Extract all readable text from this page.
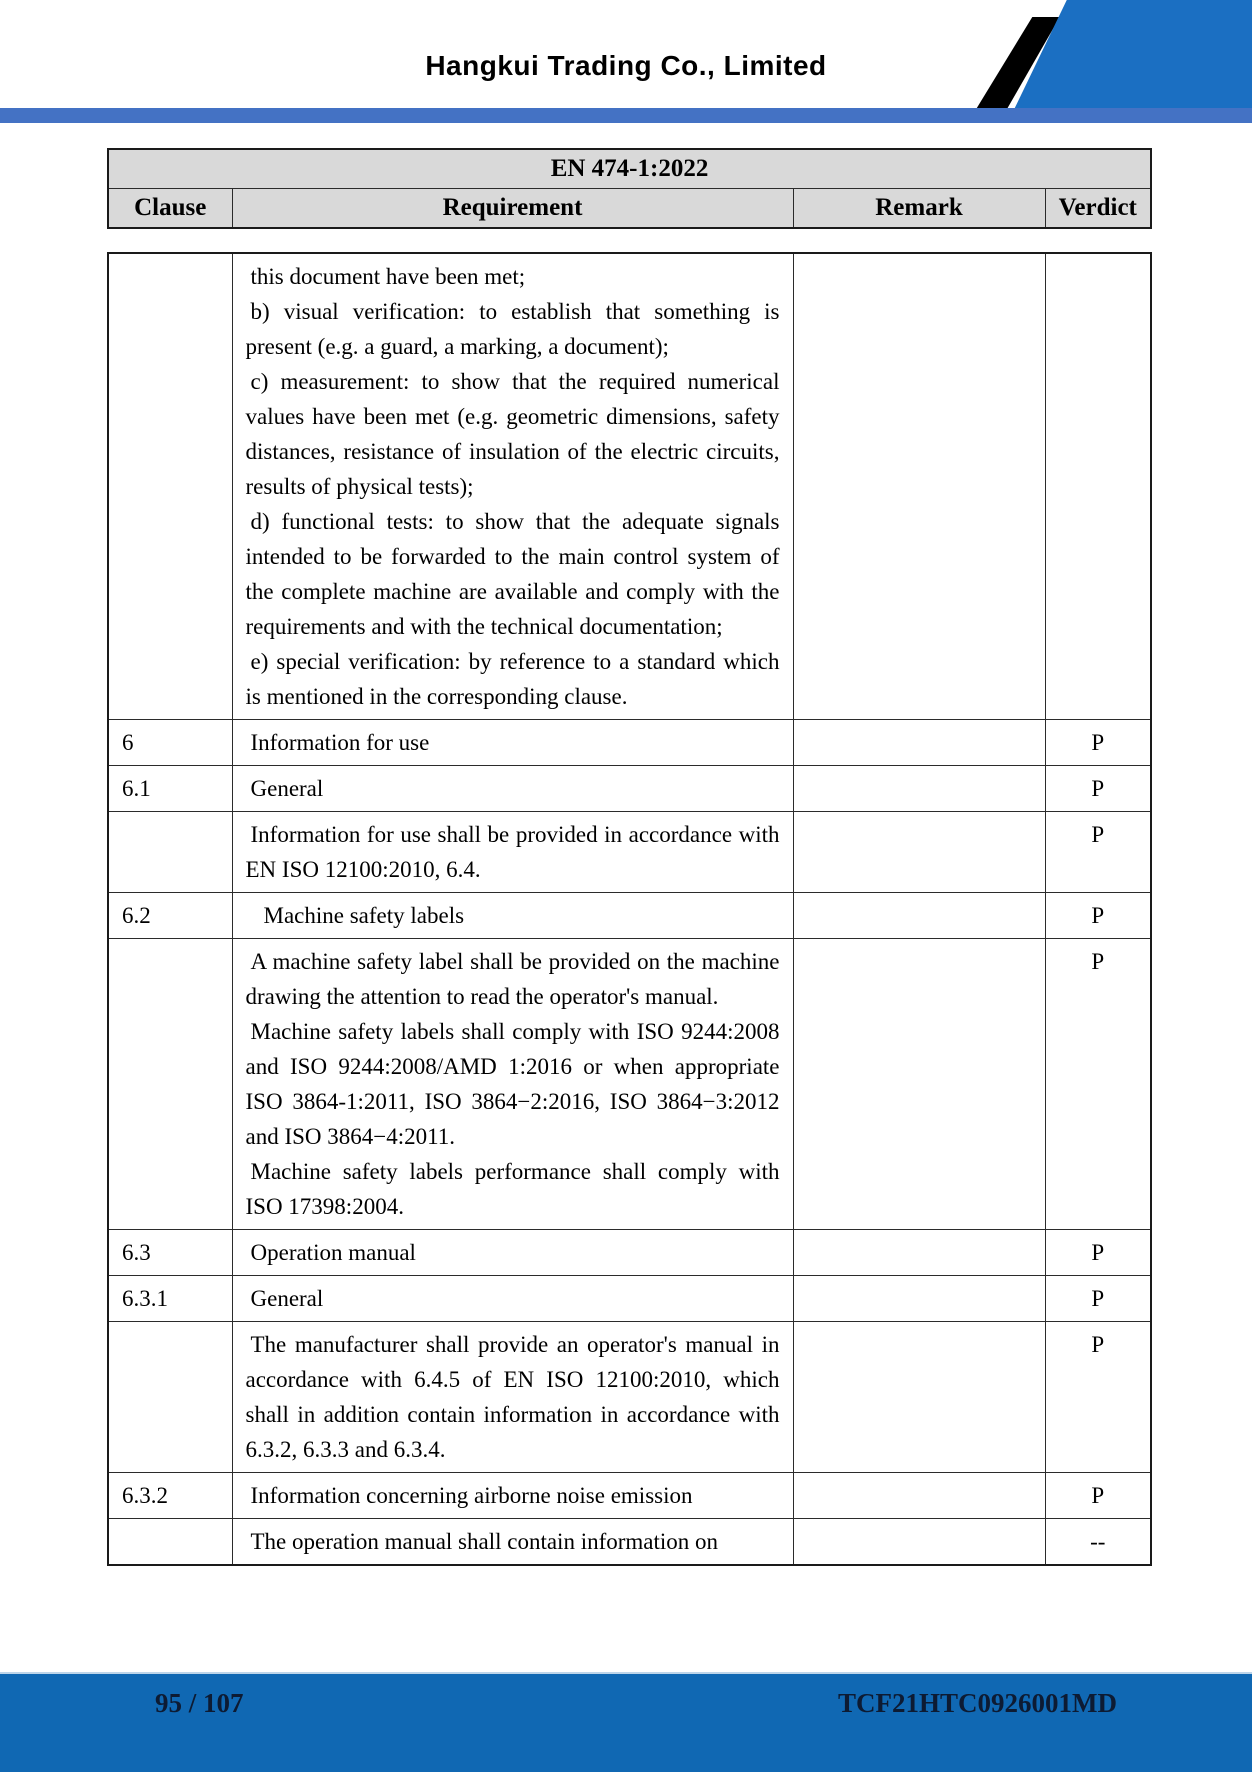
Hangkui Trading Co., Limited
EN 474-1:2022
Clause	Requirement	Remark	Verdict

	this document have been met;

b) visual verification: to establish that something is present (e.g. a guard, a marking, a document);

c) measurement: to show that the required numerical values have been met (e.g. geometric dimensions, safety distances, resistance of insulation of the electric circuits, results of physical tests);

d) functional tests: to show that the adequate signals intended to be forwarded to the main control system of the complete machine are available and comply with the requirements and with the technical documentation;

e) special verification: by reference to a standard which is mentioned in the corresponding clause.		

6	Information for use		P
6.1	General		P

	Information for use shall be provided in accordance with EN ISO 12100:2010, 6.4.		P
6.2	Machine safety labels		P

	A machine safety label shall be provided on the machine drawing the attention to read the operator's manual.

Machine safety labels shall comply with ISO 9244:2008 and ISO 9244:2008/AMD 1:2016 or when appropriate ISO 3864-1:2011, ISO 3864−2:2016, ISO 3864−3:2012 and ISO 3864−4:2011.

Machine safety labels performance shall comply with ISO 17398:2004.		P
6.3	Operation manual		P
6.3.1	General		P

	The manufacturer shall provide an operator's manual in accordance with 6.4.5 of EN ISO 12100:2010, which shall in addition contain information in accordance with 6.3.2, 6.3.3 and 6.3.4.		P
6.3.2	Information concerning airborne noise emission		P

	The operation manual shall contain information on		--
95 / 107	TCF21HTC0926001MD
